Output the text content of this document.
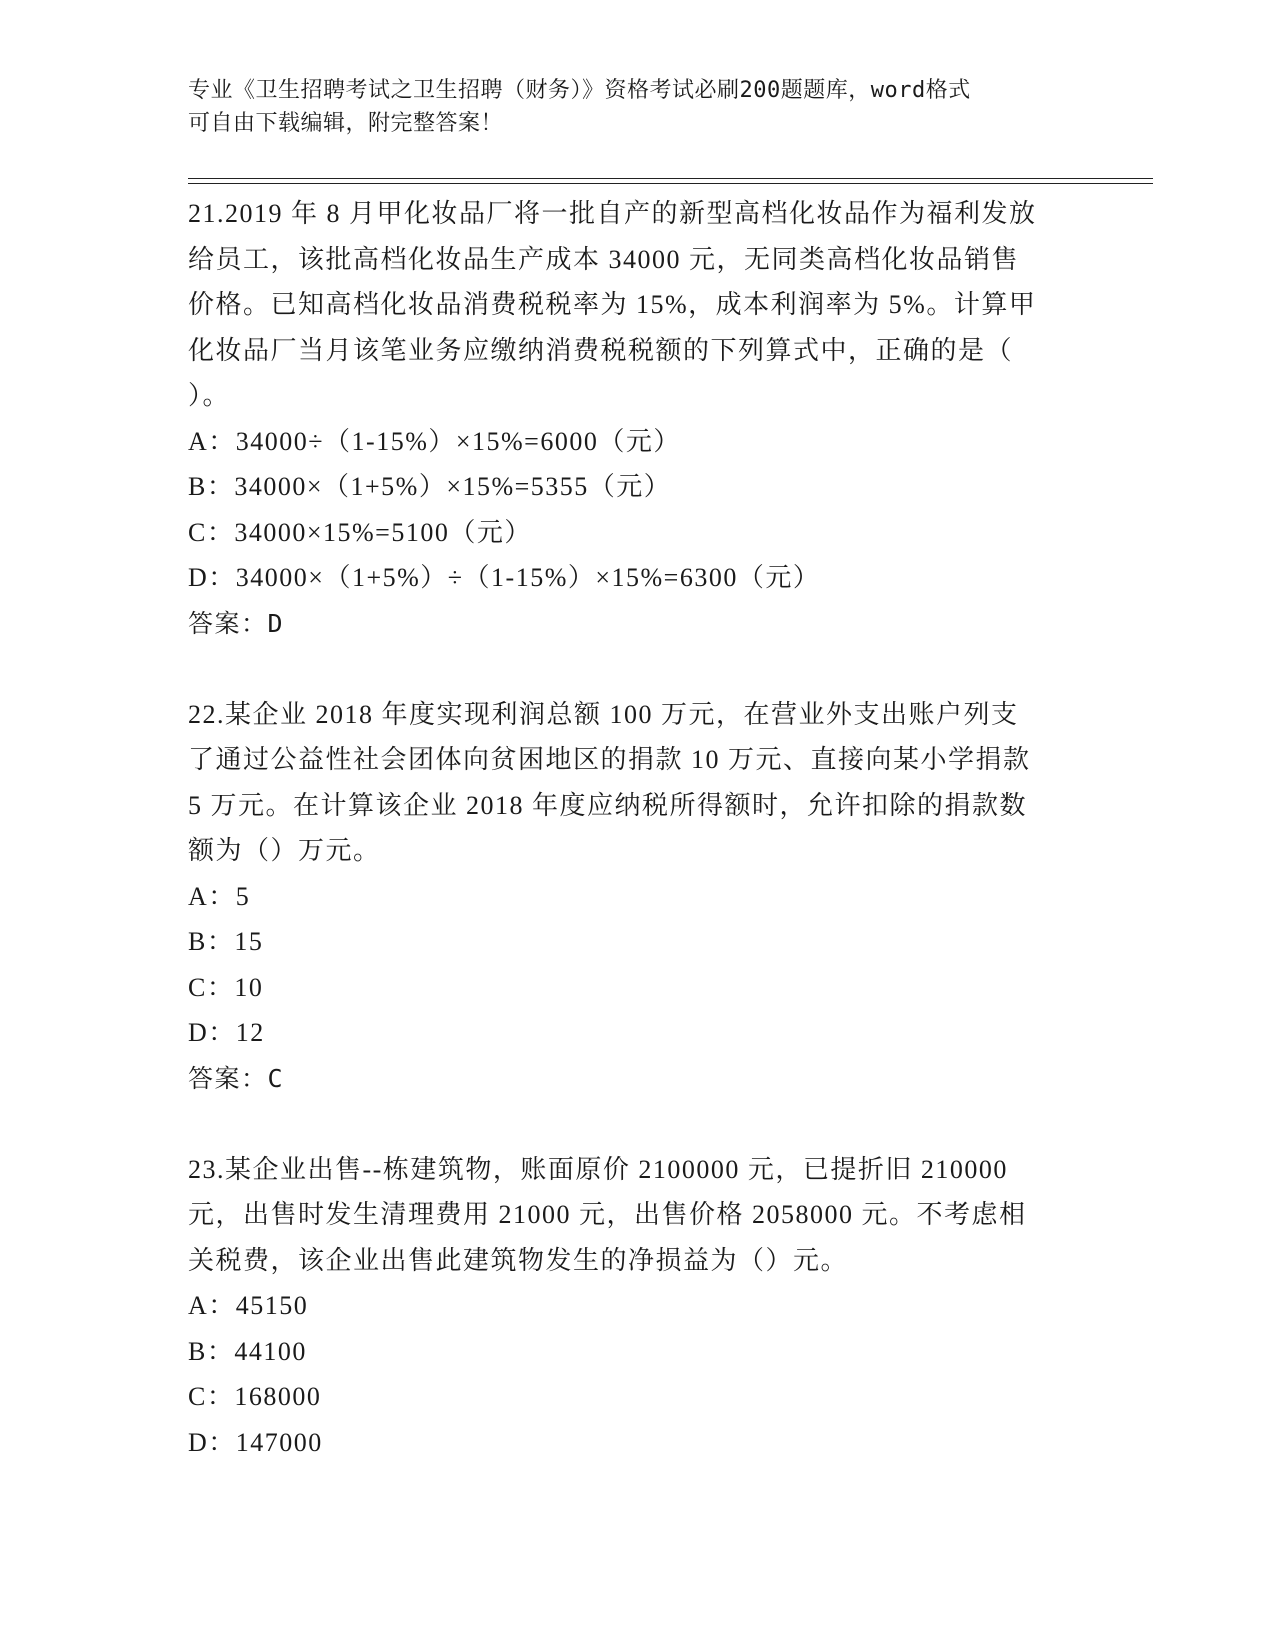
专业《卫生招聘考试之卫生招聘（财务）》资格考试必刷200题题库，word格式
可自由下载编辑，附完整答案！
21.2019 年 8 月甲化妆品厂将一批自产的新型高档化妆品作为福利发放
给员工，该批高档化妆品生产成本 34000 元，无同类高档化妆品销售
价格。已知高档化妆品消费税税率为 15%，成本利润率为 5%。计算甲
化妆品厂当月该笔业务应缴纳消费税税额的下列算式中，正确的是（
）。
A：34000÷（1-15%）×15%=6000（元）
B：34000×（1+5%）×15%=5355（元）
C：34000×15%=5100（元）
D：34000×（1+5%）÷（1-15%）×15%=6300（元）
答案：D
22.某企业 2018 年度实现利润总额 100 万元，在营业外支出账户列支
了通过公益性社会团体向贫困地区的捐款 10 万元、直接向某小学捐款
5 万元。在计算该企业 2018 年度应纳税所得额时，允许扣除的捐款数
额为（）万元。
A：5
B：15
C：10
D：12
答案：C
23.某企业出售--栋建筑物，账面原价 2100000 元，已提折旧 210000
元，出售时发生清理费用 21000 元，出售价格 2058000 元。不考虑相
关税费，该企业出售此建筑物发生的净损益为（）元。
A：45150
B：44100
C：168000
D：147000
